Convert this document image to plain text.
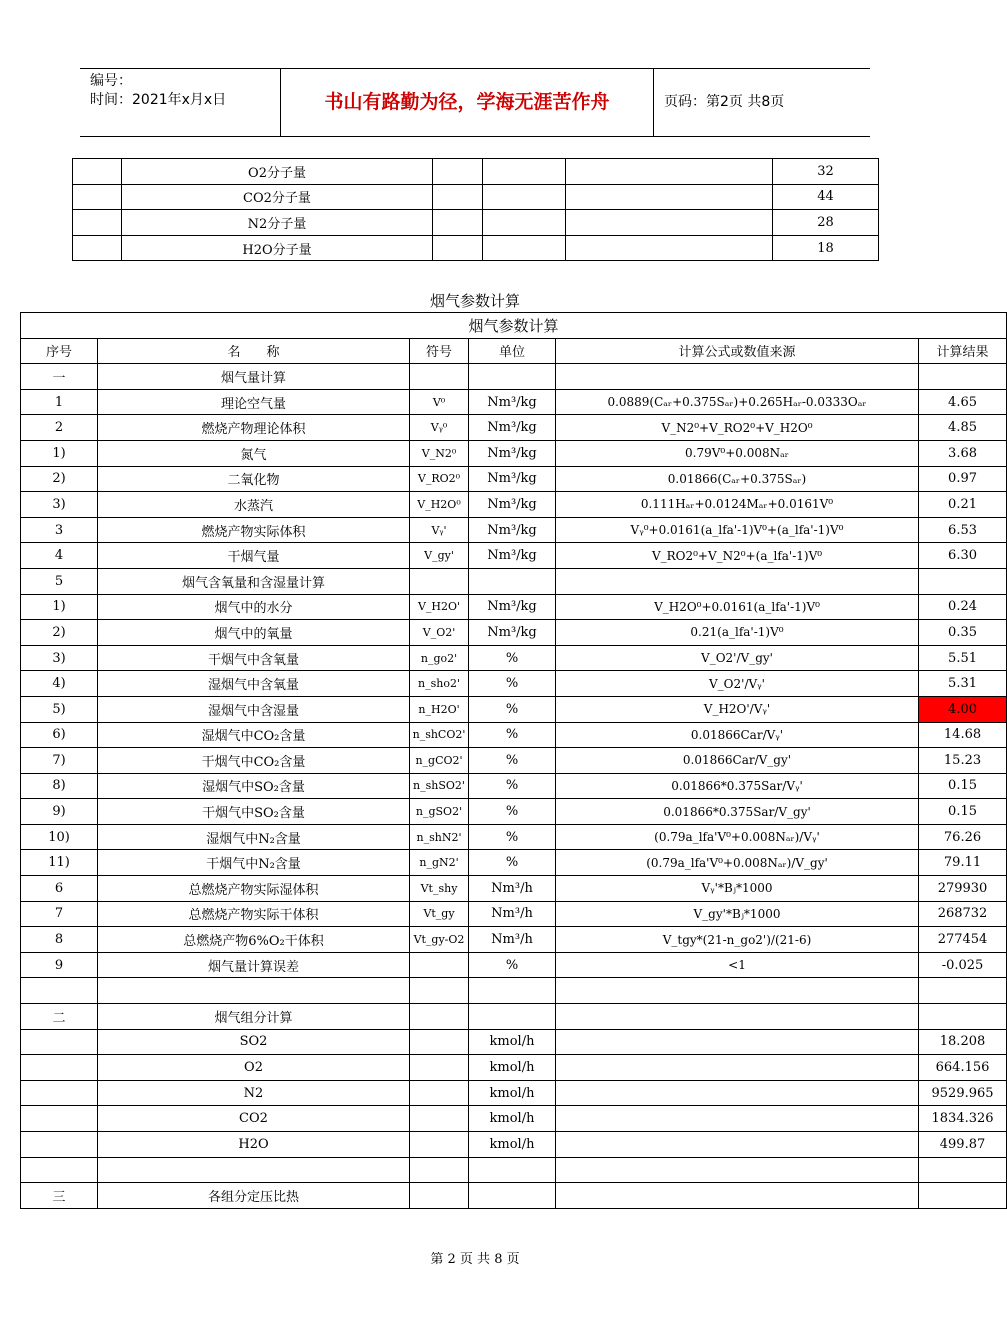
编号：
时间：2021年x月x日	书山有路勤为径，学海无涯苦作舟	页码：第2页 共8页
	O2分子量				32
	CO2分子量				44
	N2分子量				28
	H2O分子量				18
烟气参数计算
烟气参数计算					
序号	名　　称	符号	单位	计算公式或数值来源	计算结果
一	烟气量计算				
1	理论空气量	V⁰	Nm³/kg	0.0889(Cₐᵣ+0.375Sₐᵣ)+0.265Hₐᵣ-0.0333Oₐᵣ	4.65
2	燃烧产物理论体积	Vᵧ⁰	Nm³/kg	V_N2⁰+V_RO2⁰+V_H2O⁰	4.85
1)	氮气	V_N2⁰	Nm³/kg	0.79V⁰+0.008Nₐᵣ	3.68
2)	二氧化物	V_RO2⁰	Nm³/kg	0.01866(Cₐᵣ+0.375Sₐᵣ)	0.97
3)	水蒸汽	V_H2O⁰	Nm³/kg	0.111Hₐᵣ+0.0124Mₐᵣ+0.0161V⁰	0.21
3	燃烧产物实际体积	Vᵧ'	Nm³/kg	Vᵧ⁰+0.0161(a_lfa'-1)V⁰+(a_lfa'-1)V⁰	6.53
4	干烟气量	V_gy'	Nm³/kg	V_RO2⁰+V_N2⁰+(a_lfa'-1)V⁰	6.30
5	烟气含氧量和含湿量计算				
1)	烟气中的水分	V_H2O'	Nm³/kg	V_H2O⁰+0.0161(a_lfa'-1)V⁰	0.24
2)	烟气中的氧量	V_O2'	Nm³/kg	0.21(a_lfa'-1)V⁰	0.35
3)	干烟气中含氧量	n_go2'	%	V_O2'/V_gy'	5.51
4)	湿烟气中含氧量	n_sho2'	%	V_O2'/Vᵧ'	5.31
5)	湿烟气中含湿量	n_H2O'	%	V_H2O'/Vᵧ'	4.00
6)	湿烟气中CO₂含量	n_shCO2'	%	0.01866Car/Vᵧ'	14.68
7)	干烟气中CO₂含量	n_gCO2'	%	0.01866Car/V_gy'	15.23
8)	湿烟气中SO₂含量	n_shSO2'	%	0.01866*0.375Sar/Vᵧ'	0.15
9)	干烟气中SO₂含量	n_gSO2'	%	0.01866*0.375Sar/V_gy'	0.15
10)	湿烟气中N₂含量	n_shN2'	%	(0.79a_lfa'V⁰+0.008Nₐᵣ)/Vᵧ'	76.26
11)	干烟气中N₂含量	n_gN2'	%	(0.79a_lfa'V⁰+0.008Nₐᵣ)/V_gy'	79.11
6	总燃烧产物实际湿体积	Vt_shy	Nm³/h	Vᵧ'*Bⱼ*1000	279930
7	总燃烧产物实际干体积	Vt_gy	Nm³/h	V_gy'*Bⱼ*1000	268732
8	总燃烧产物6%O₂干体积	Vt_gy-O2	Nm³/h	V_tgy*(21-n_go2')/(21-6)	277454
9	烟气量计算误差		%	<1	-0.025

二	烟气组分计算				
	SO2		kmol/h		18.208
	O2		kmol/h		664.156
	N2		kmol/h		9529.965
	CO2		kmol/h		1834.326
	H2O		kmol/h		499.87

三	各组分定压比热				
第 2 页 共 8 页
